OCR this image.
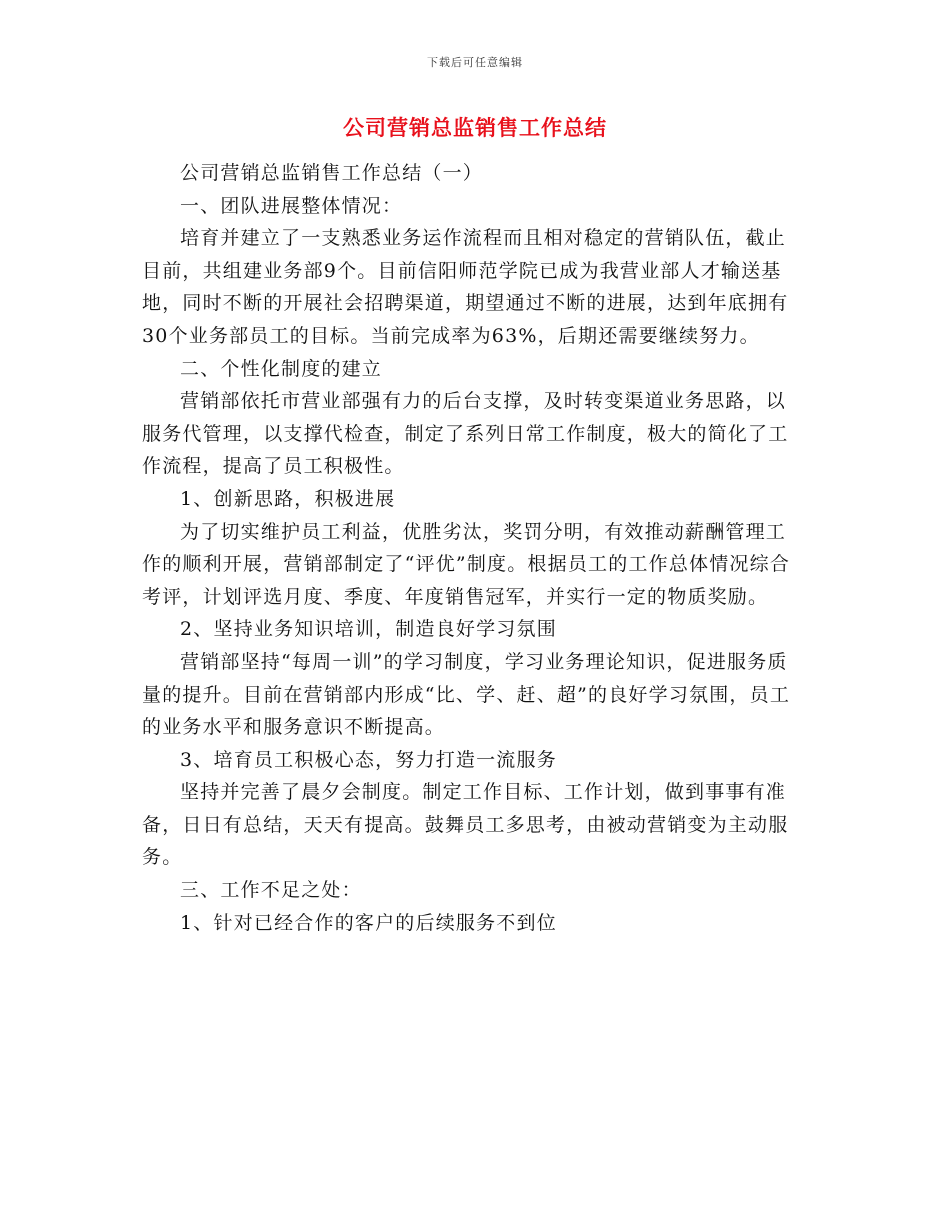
下载后可任意编辑
公司营销总监销售工作总结

公司营销总监销售工作总结（一）

一、团队进展整体情况：

培育并建立了一支熟悉业务运作流程而且相对稳定的营销队伍，截止目前，共组建业务部9个。目前信阳师范学院已成为我营业部人才输送基地，同时不断的开展社会招聘渠道，期望通过不断的进展，达到年底拥有30个业务部员工的目标。当前完成率为63%，后期还需要继续努力。

二、个性化制度的建立

营销部依托市营业部强有力的后台支撑，及时转变渠道业务思路，以服务代管理，以支撑代检查，制定了系列日常工作制度，极大的简化了工作流程，提高了员工积极性。

1、创新思路，积极进展

为了切实维护员工利益，优胜劣汰，奖罚分明，有效推动薪酬管理工作的顺利开展，营销部制定了“评优”制度。根据员工的工作总体情况综合考评，计划评选月度、季度、年度销售冠军，并实行一定的物质奖励。

2、坚持业务知识培训，制造良好学习氛围

营销部坚持“每周一训”的学习制度，学习业务理论知识，促进服务质量的提升。目前在营销部内形成“比、学、赶、超”的良好学习氛围，员工的业务水平和服务意识不断提高。

3、培育员工积极心态，努力打造一流服务

坚持并完善了晨夕会制度。制定工作目标、工作计划，做到事事有准备，日日有总结，天天有提高。鼓舞员工多思考，由被动营销变为主动服务。

三、工作不足之处：

1、针对已经合作的客户的后续服务不到位
